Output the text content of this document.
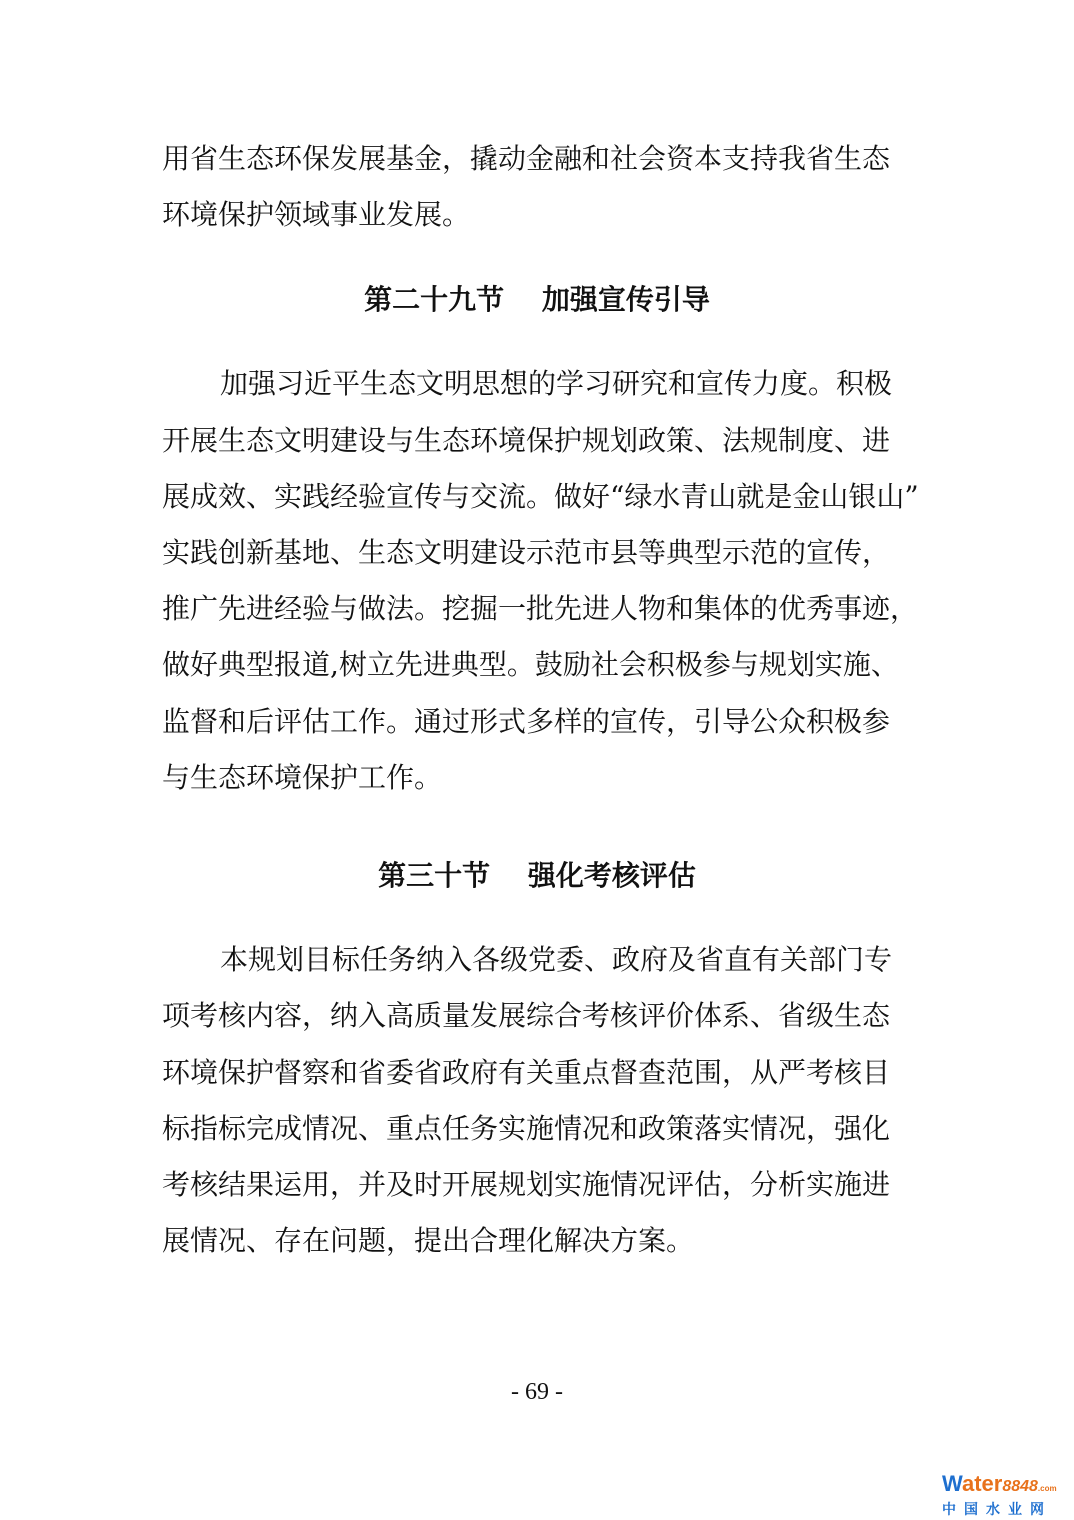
用省生态环保发展基金，撬动金融和社会资本支持我省生态
环境保护领域事业发展。
第二十九节　 加强宣传引导
加强习近平生态文明思想的学习研究和宣传力度。积极
开展生态文明建设与生态环境保护规划政策、法规制度、进
展成效、实践经验宣传与交流。做好“绿水青山就是金山银山”
实践创新基地、生态文明建设示范市县等典型示范的宣传，
推广先进经验与做法。挖掘一批先进人物和集体的优秀事迹，
做好典型报道,树立先进典型。鼓励社会积极参与规划实施、
监督和后评估工作。通过形式多样的宣传，引导公众积极参
与生态环境保护工作。
第三十节　 强化考核评估
本规划目标任务纳入各级党委、政府及省直有关部门专
项考核内容，纳入高质量发展综合考核评价体系、省级生态
环境保护督察和省委省政府有关重点督查范围，从严考核目
标指标完成情况、重点任务实施情况和政策落实情况，强化
考核结果运用，并及时开展规划实施情况评估，分析实施进
展情况、存在问题，提出合理化解决方案。
- 69 -
Water8848.com
中国水业网
